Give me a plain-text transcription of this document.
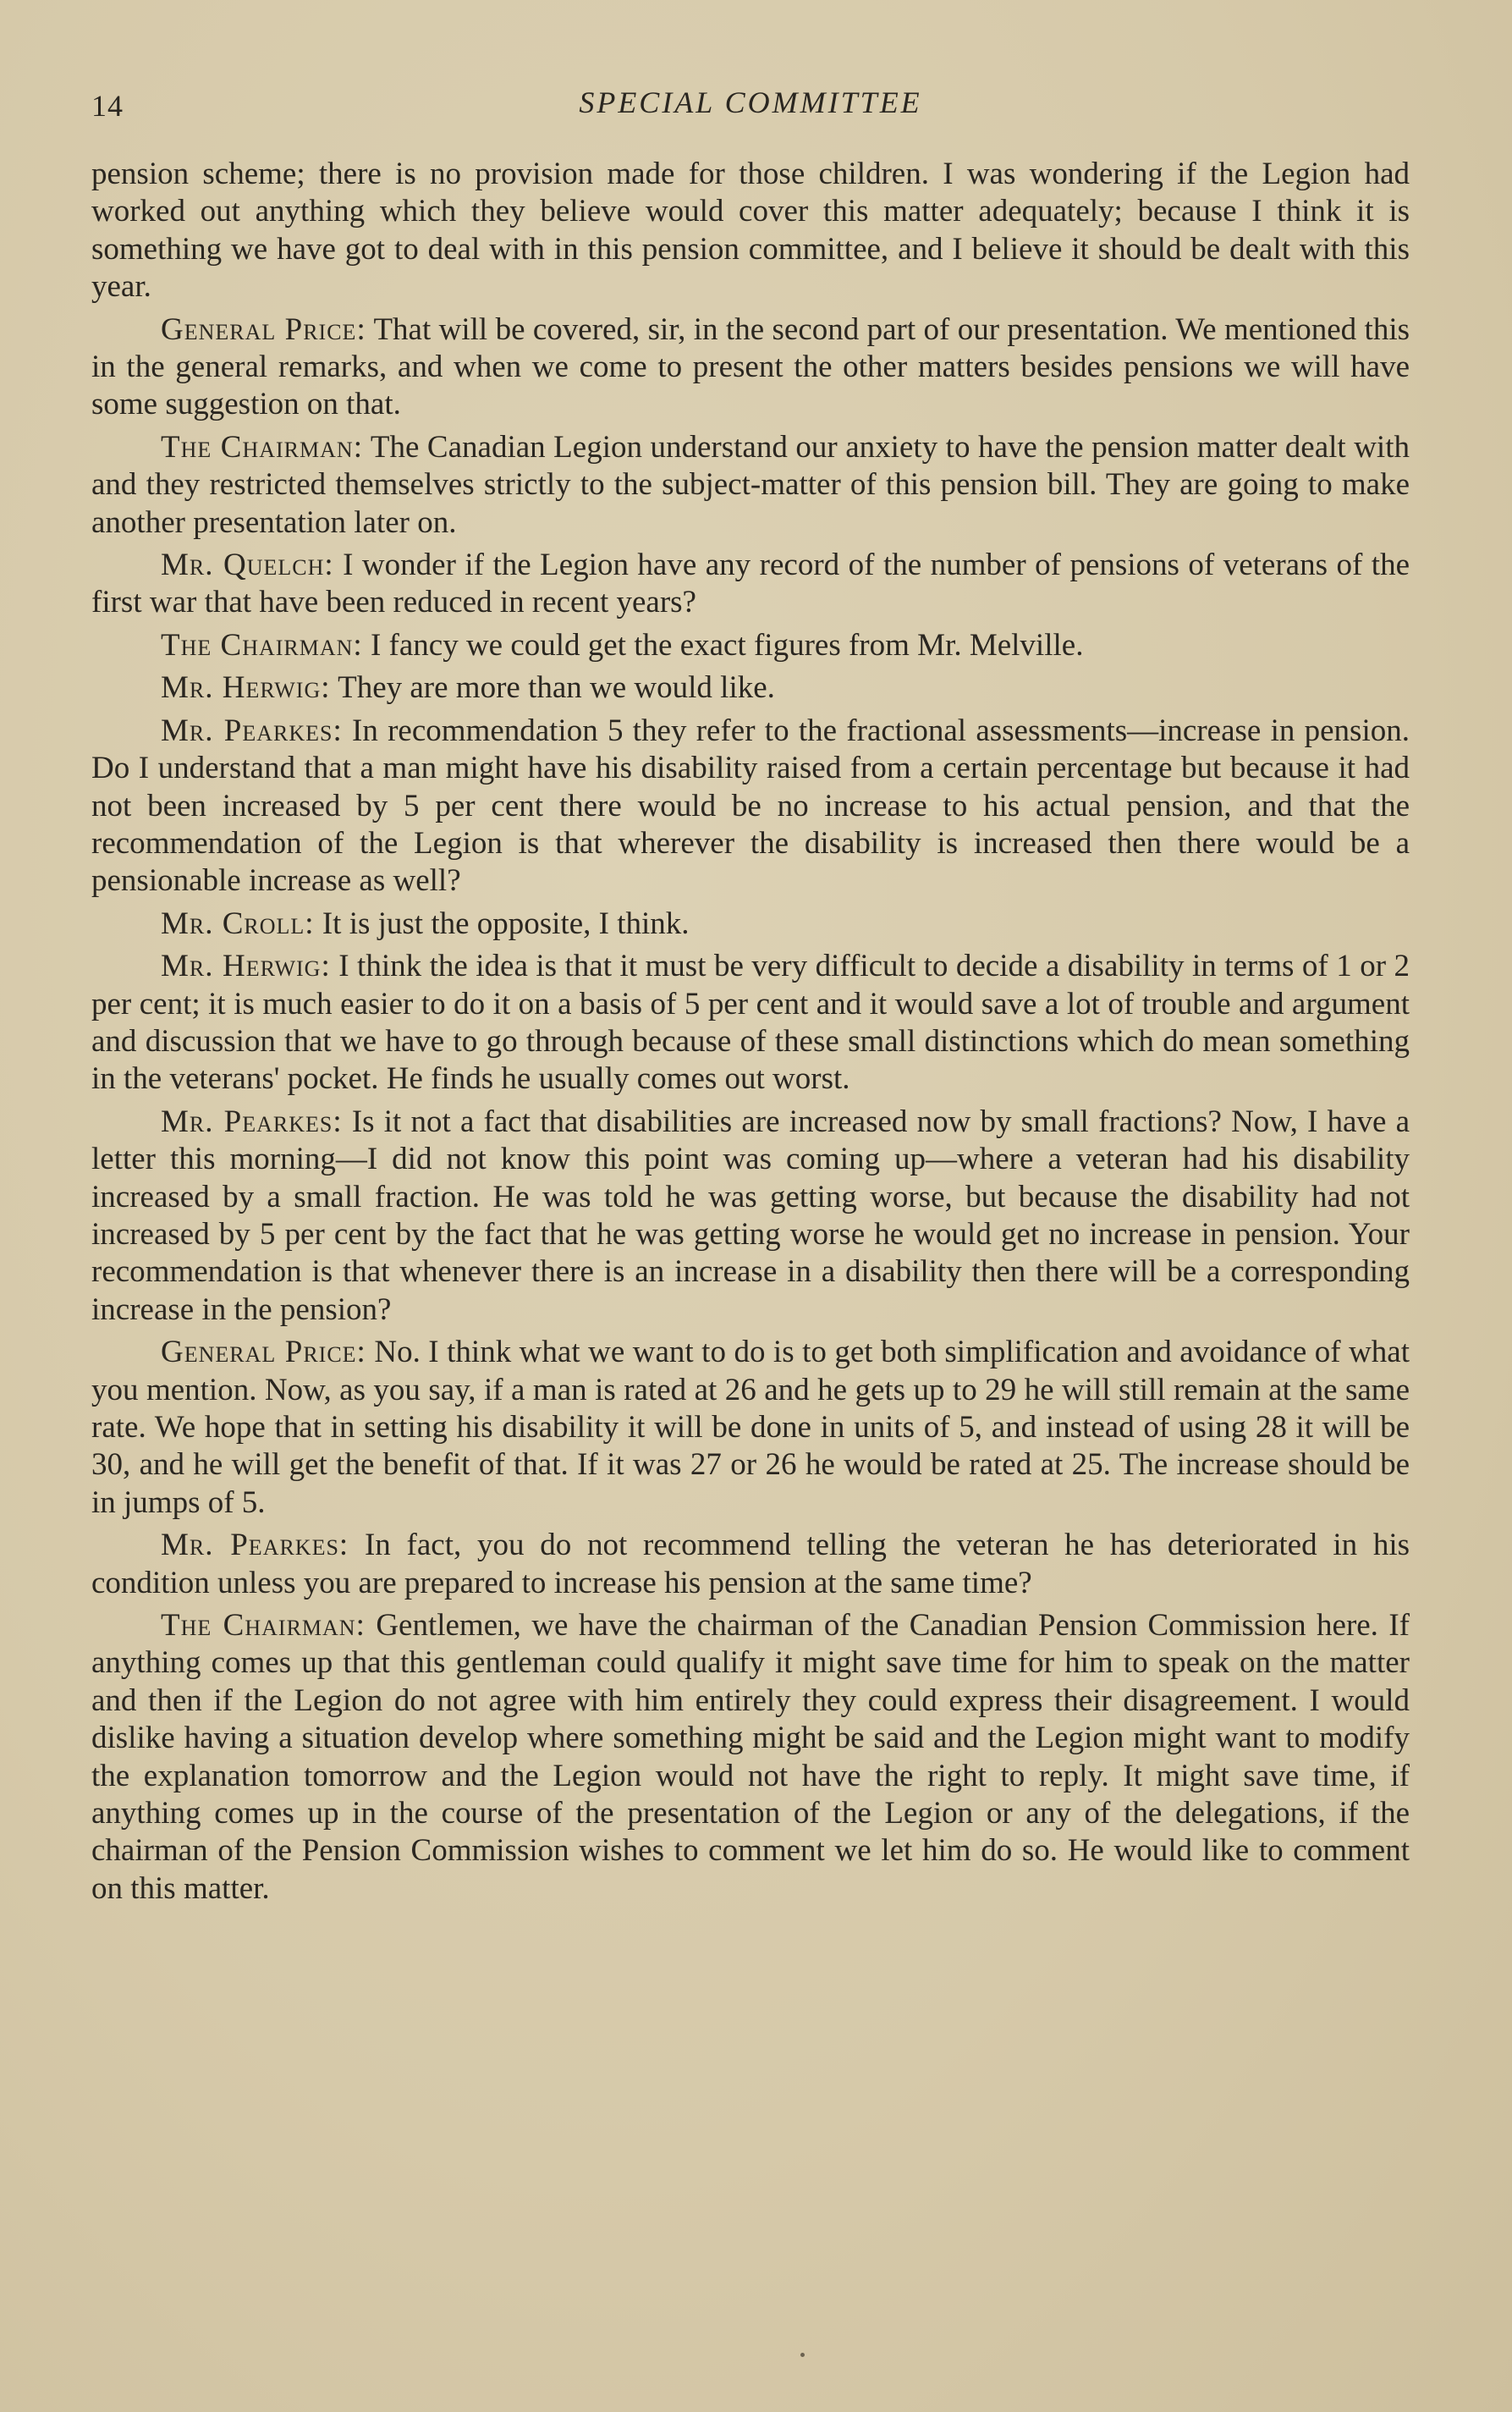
14	SPECIAL COMMITTEE

pension scheme; there is no provision made for those children. I was wondering if the Legion had worked out anything which they believe would cover this matter adequately; because I think it is something we have got to deal with in this pension committee, and I believe it should be dealt with this year.

General Price: That will be covered, sir, in the second part of our presentation. We mentioned this in the general remarks, and when we come to present the other matters besides pensions we will have some suggestion on that.

The Chairman: The Canadian Legion understand our anxiety to have the pension matter dealt with and they restricted themselves strictly to the subject-matter of this pension bill. They are going to make another presentation later on.

Mr. Quelch: I wonder if the Legion have any record of the number of pensions of veterans of the first war that have been reduced in recent years?

The Chairman: I fancy we could get the exact figures from Mr. Melville.

Mr. Herwig: They are more than we would like.

Mr. Pearkes: In recommendation 5 they refer to the fractional assessments—increase in pension. Do I understand that a man might have his disability raised from a certain percentage but because it had not been increased by 5 per cent there would be no increase to his actual pension, and that the recommendation of the Legion is that wherever the disability is increased then there would be a pensionable increase as well?

Mr. Croll: It is just the opposite, I think.

Mr. Herwig: I think the idea is that it must be very difficult to decide a disability in terms of 1 or 2 per cent; it is much easier to do it on a basis of 5 per cent and it would save a lot of trouble and argument and discussion that we have to go through because of these small distinctions which do mean something in the veterans' pocket. He finds he usually comes out worst.

Mr. Pearkes: Is it not a fact that disabilities are increased now by small fractions? Now, I have a letter this morning—I did not know this point was coming up—where a veteran had his disability increased by a small fraction. He was told he was getting worse, but because the disability had not increased by 5 per cent by the fact that he was getting worse he would get no increase in pension. Your recommendation is that whenever there is an increase in a disability then there will be a corresponding increase in the pension?

General Price: No. I think what we want to do is to get both simplification and avoidance of what you mention. Now, as you say, if a man is rated at 26 and he gets up to 29 he will still remain at the same rate. We hope that in setting his disability it will be done in units of 5, and instead of using 28 it will be 30, and he will get the benefit of that. If it was 27 or 26 he would be rated at 25. The increase should be in jumps of 5.

Mr. Pearkes: In fact, you do not recommend telling the veteran he has deteriorated in his condition unless you are prepared to increase his pension at the same time?

The Chairman: Gentlemen, we have the chairman of the Canadian Pension Commission here. If anything comes up that this gentleman could qualify it might save time for him to speak on the matter and then if the Legion do not agree with him entirely they could express their disagreement. I would dislike having a situation develop where something might be said and the Legion might want to modify the explanation tomorrow and the Legion would not have the right to reply. It might save time, if anything comes up in the course of the presentation of the Legion or any of the delegations, if the chairman of the Pension Commission wishes to comment we let him do so. He would like to comment on this matter.
